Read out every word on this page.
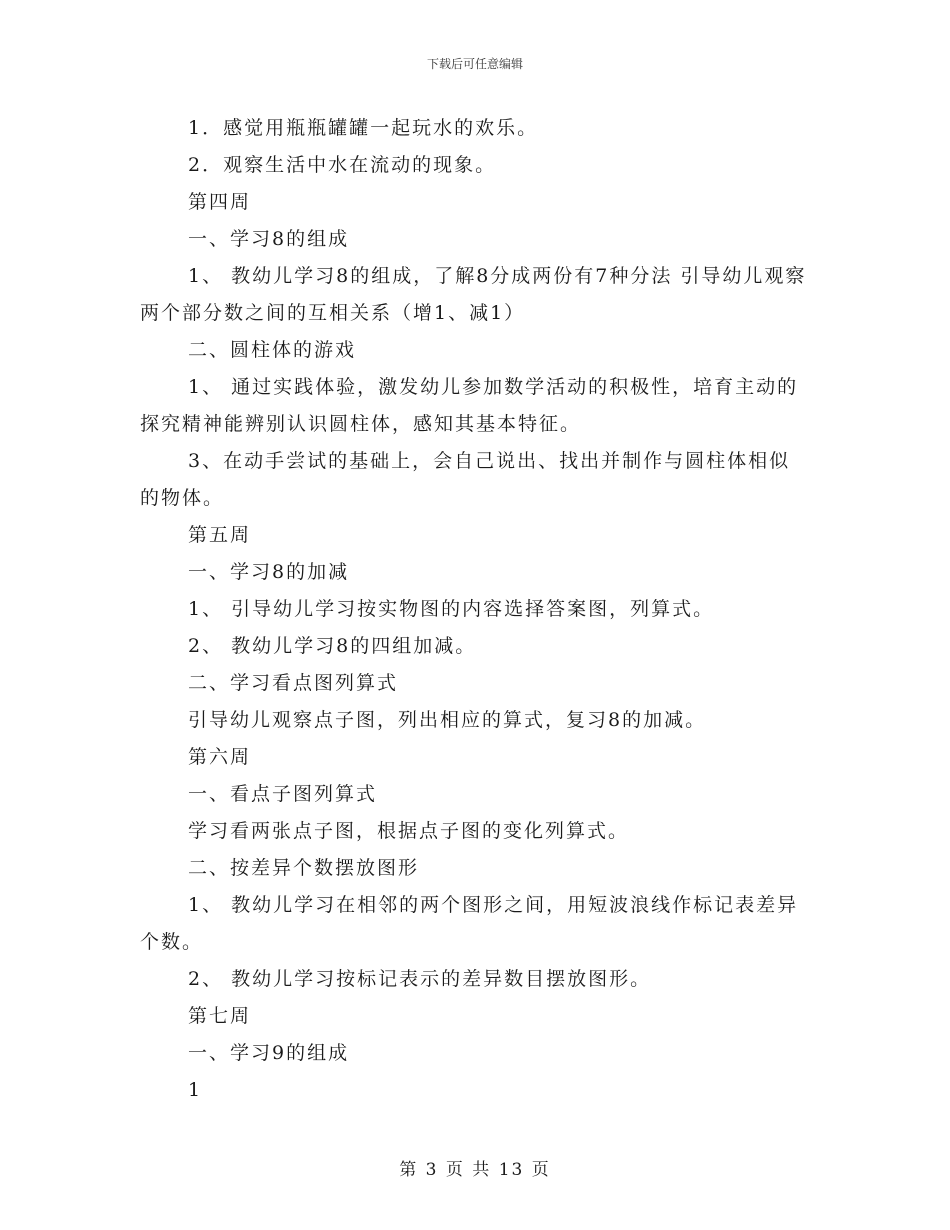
下载后可任意编辑

1．感觉用瓶瓶罐罐一起玩水的欢乐。

2．观察生活中水在流动的现象。

第四周

一、学习8的组成

1、 教幼儿学习8的组成，了解8分成两份有7种分法 引导幼儿观察两个部分数之间的互相关系（增1、减1）

二、圆柱体的游戏

1、 通过实践体验，激发幼儿参加数学活动的积极性，培育主动的探究精神能辨别认识圆柱体，感知其基本特征。

3、在动手尝试的基础上，会自己说出、找出并制作与圆柱体相似的物体。

第五周

一、学习8的加减

1、 引导幼儿学习按实物图的内容选择答案图，列算式。

2、 教幼儿学习8的四组加减。

二、学习看点图列算式

引导幼儿观察点子图，列出相应的算式，复习8的加减。

第六周

一、看点子图列算式

学习看两张点子图，根据点子图的变化列算式。

二、按差异个数摆放图形

1、 教幼儿学习在相邻的两个图形之间，用短波浪线作标记表差异个数。

2、 教幼儿学习按标记表示的差异数目摆放图形。

第七周

一、学习9的组成

1

第 3 页 共 13 页
